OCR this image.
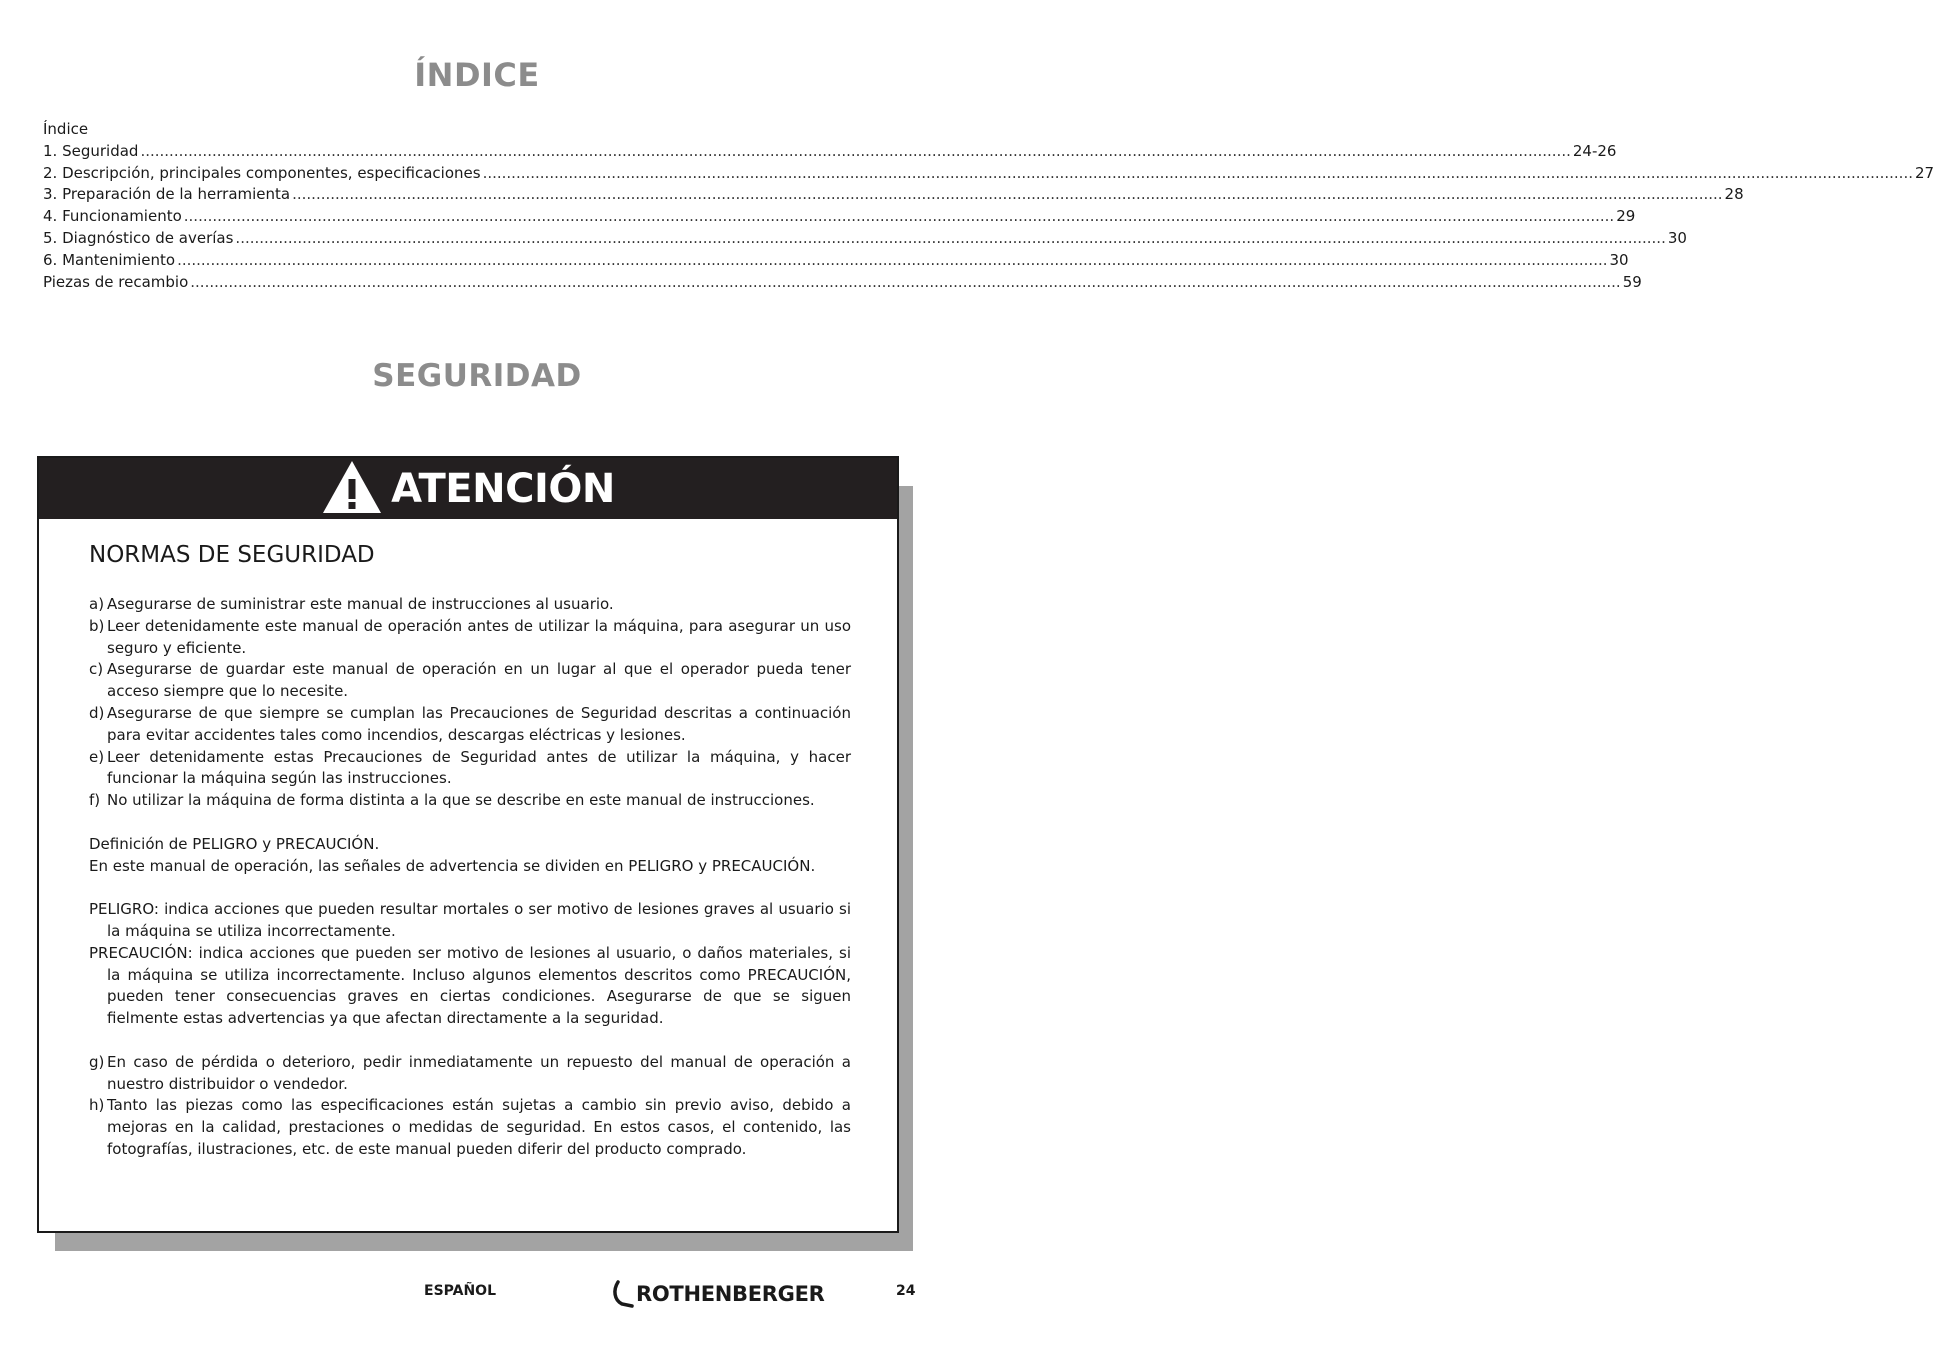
ÍNDICE
Índice
1. Seguridad ............................................................................................................................................................................................................................................................................................................ 24-26
2. Descripción, principales componentes, especificaciones ............................................................................................................................................................................................................................................................................................................ 27
3. Preparación de la herramienta ............................................................................................................................................................................................................................................................................................................ 28
4. Funcionamiento ............................................................................................................................................................................................................................................................................................................ 29
5. Diagnóstico de averías ............................................................................................................................................................................................................................................................................................................ 30
6. Mantenimiento ............................................................................................................................................................................................................................................................................................................ 30
Piezas de recambio ............................................................................................................................................................................................................................................................................................................ 59
SEGURIDAD
ATENCIÓN
NORMAS DE SEGURIDAD
a) Asegurarse de suministrar este manual de instrucciones al usuario.
b) Leer detenidamente este manual de operación antes de utilizar la máquina, para asegurar un uso seguro y eficiente.
c) Asegurarse de guardar este manual de operación en un lugar al que el operador pueda tener acceso siempre que lo necesite.
d) Asegurarse de que siempre se cumplan las Precauciones de Seguridad descritas a continuación para evitar accidentes tales como incendios, descargas eléctricas y lesiones.
e) Leer detenidamente estas Precauciones de Seguridad antes de utilizar la máquina, y hacer funcionar la máquina según las instrucciones.
f) No utilizar la máquina de forma distinta a la que se describe en este manual de instrucciones.
Definición de PELIGRO y PRECAUCIÓN.
En este manual de operación, las señales de advertencia se dividen en PELIGRO y PRECAUCIÓN.
PELIGRO: indica acciones que pueden resultar mortales o ser motivo de lesiones graves al usuario si la máquina se utiliza incorrectamente.
PRECAUCIÓN: indica acciones que pueden ser motivo de lesiones al usuario, o daños materiales, si la máquina se utiliza incorrectamente. Incluso algunos elementos descritos como PRECAUCIÓN, pueden tener consecuencias graves en ciertas condiciones. Asegurarse de que se siguen fielmente estas advertencias ya que afectan directamente a la seguridad.
g) En caso de pérdida o deterioro, pedir inmediatamente un repuesto del manual de operación a nuestro distribuidor o vendedor.
h) Tanto las piezas como las especificaciones están sujetas a cambio sin previo aviso, debido a mejoras en la calidad, prestaciones o medidas de seguridad. En estos casos, el contenido, las fotografías, ilustraciones, etc. de este manual pueden diferir del producto comprado.
ESPAÑOL	ROTHENBERGER	24
